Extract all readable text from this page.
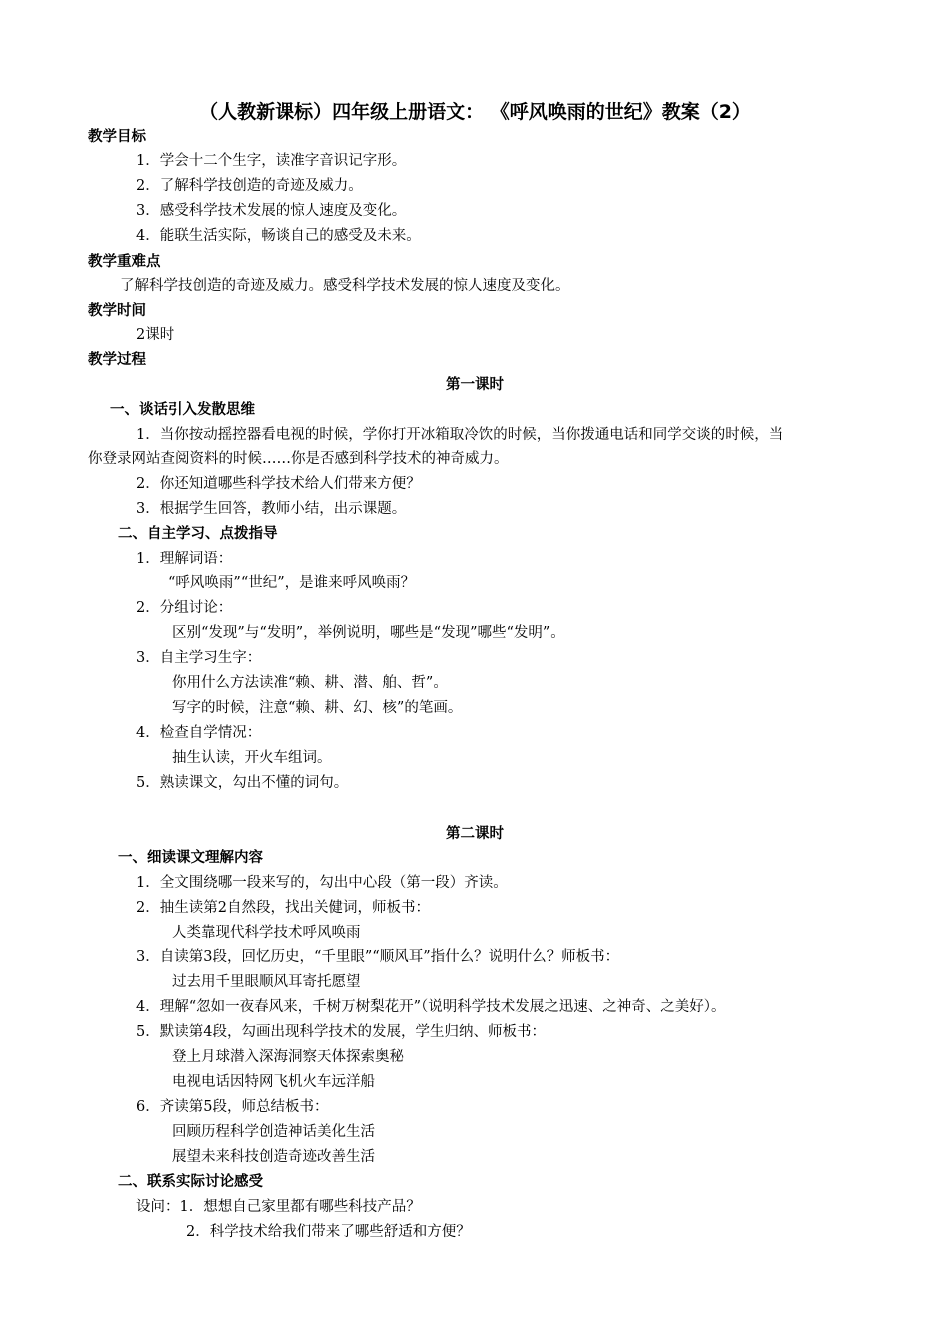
（人教新课标）四年级上册语文： 《呼风唤雨的世纪》教案（2）
教学目标
1．学会十二个生字，读准字音识记字形。
2．了解科学技创造的奇迹及威力。
3．感受科学技术发展的惊人速度及变化。
4．能联生活实际，畅谈自己的感受及未来。
教学重难点
了解科学技创造的奇迹及威力。感受科学技术发展的惊人速度及变化。
教学时间
2课时
教学过程
第一课时
一、谈话引入发散思维
1．当你按动摇控器看电视的时候，学你打开冰箱取冷饮的时候，当你拨通电话和同学交谈的时候，当
你登录网站查阅资料的时候……你是否感到科学技术的神奇威力。
2．你还知道哪些科学技术给人们带来方便？
3．根据学生回答，教师小结，出示课题。
二、自主学习、点拨指导
1．理解词语：
“呼风唤雨”“世纪”，是谁来呼风唤雨？
2．分组讨论：
区别“发现”与“发明”，举例说明，哪些是“发现”哪些“发明”。
3．自主学习生字：
你用什么方法读准“赖、耕、潜、舶、哲”。
写字的时候，注意“赖、耕、幻、核”的笔画。
4．检查自学情况：
抽生认读，开火车组词。
5．熟读课文，勾出不懂的词句。
第二课时
一、细读课文理解内容
1．全文围绕哪一段来写的，勾出中心段（第一段）齐读。
2．抽生读第2自然段，找出关健词，师板书：
人类靠现代科学技术呼风唤雨
3．自读第3段，回忆历史，“千里眼”“顺风耳”指什么？说明什么？师板书：
过去用千里眼顺风耳寄托愿望
4．理解“忽如一夜春风来，千树万树梨花开”（说明科学技术发展之迅速、之神奇、之美好）。
5．默读第4段，勾画出现科学技术的发展，学生归纳、师板书：
登上月球潜入深海洞察天体探索奥秘
电视电话因特网飞机火车远洋船
6．齐读第5段，师总结板书：
回顾历程科学创造神话美化生活
展望未来科技创造奇迹改善生活
二、联系实际讨论感受
设问：1．想想自己家里都有哪些科技产品？
2．科学技术给我们带来了哪些舒适和方便？
